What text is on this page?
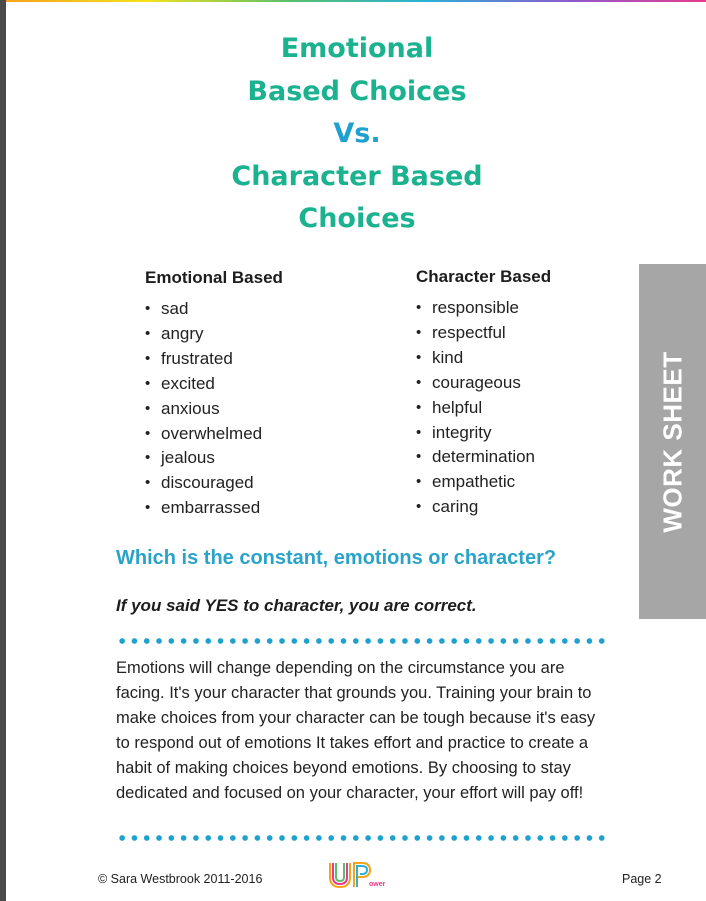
Emotional
Based Choices
Vs.
Character Based
Choices
Emotional Based
• sad
• angry
• frustrated
• excited
• anxious
• overwhelmed
• jealous
• discouraged
• embarrassed
Character Based
• responsible
• respectful
• kind
• courageous
• helpful
• integrity
• determination
• empathetic
• caring	WORK SHEET
Which is the constant, emotions or character?
If you said YES to character, you are correct.
Emotions will change depending on the circumstance you are facing. It's your character that grounds you. Training your brain to make choices from your character can be tough because it's easy to respond out of emotions It takes effort and practice to create a habit of making choices beyond emotions. By choosing to stay dedicated and focused on your character, your effort will pay off!
© Sara Westbrook 2011-2016	ower	Page 2
